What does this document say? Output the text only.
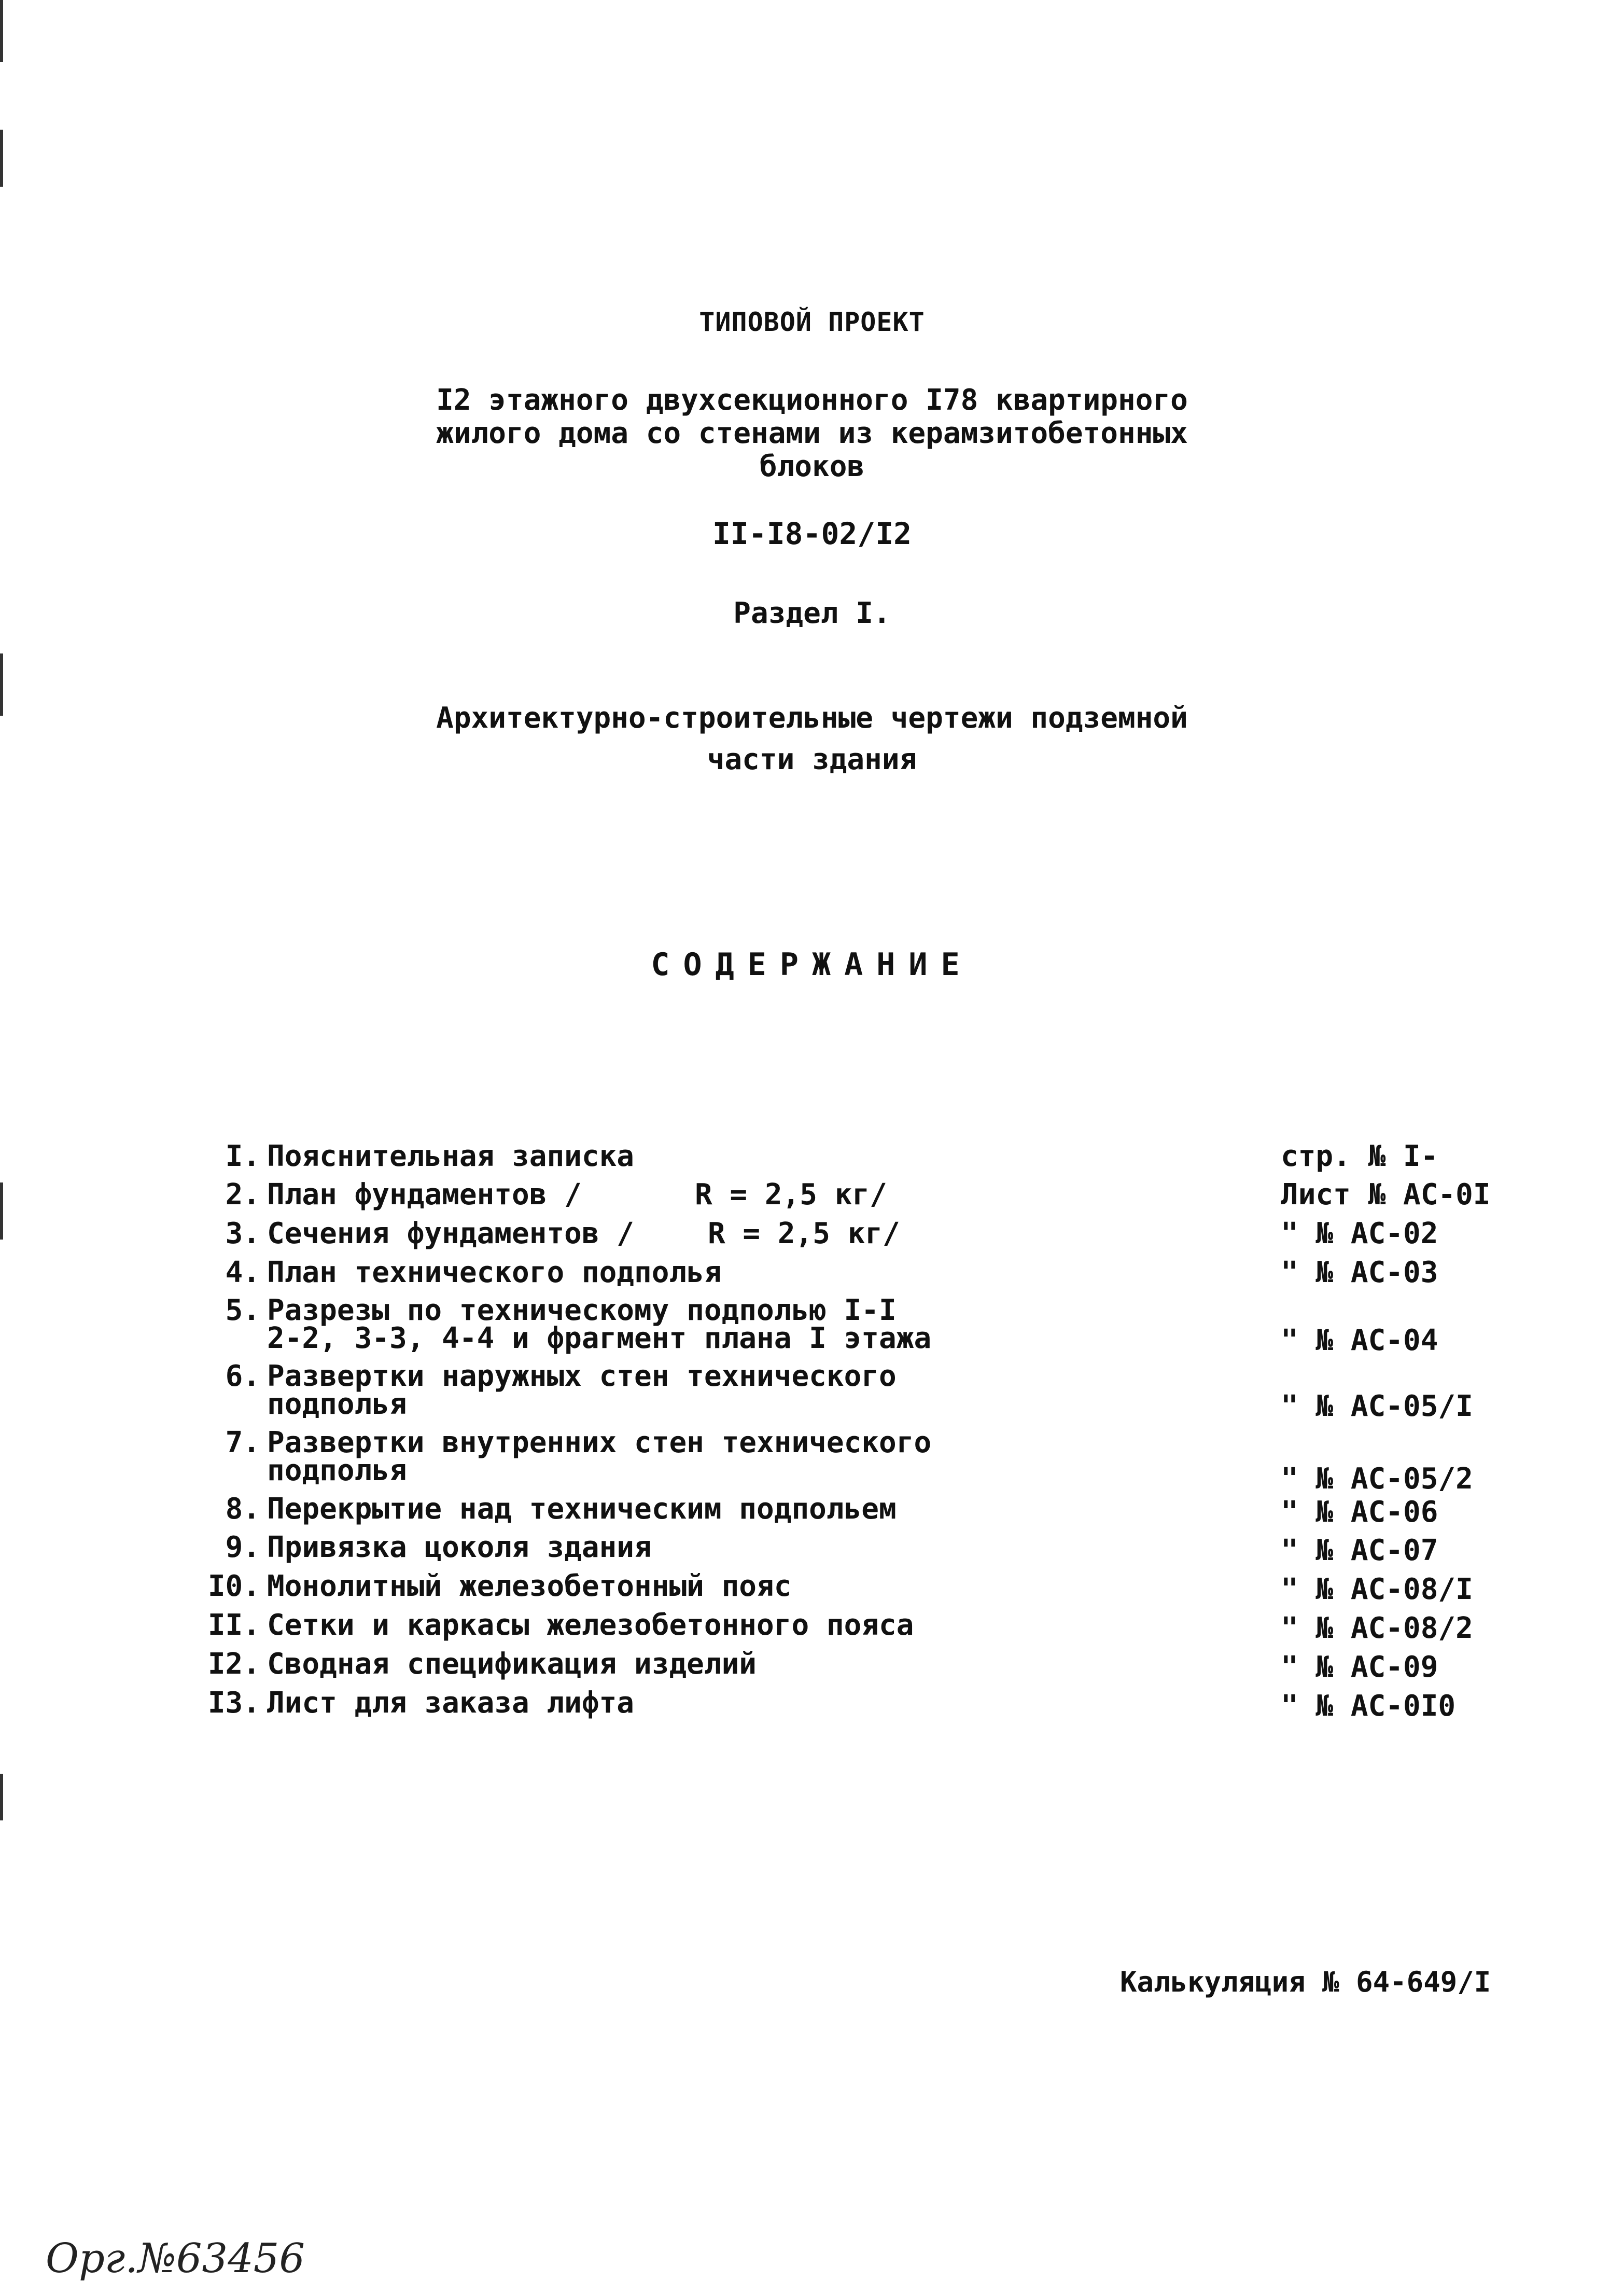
ТИПОВОЙ ПРОЕКТ
I2 этажного двухсекционного I78 квартирного
жилого дома со стенами из керамзитобетонных
блоков
II-I8-02/I2
Раздел I.
Архитектурно-строительные чертежи подземной
части здания
СОДЕРЖАНИЕ
I. Пояснительная записка	стр. № I-
2. План фундаментов /	R = 2,5 кг/	Лист № АС-0I
3. Сечения фундаментов /	R = 2,5 кг/	" № АС-02
4. План технического подполья	" № АС-03
5. Разрезы по техническому подполью I-I
2-2, 3-3, 4-4 и фрагмент плана I этажа	" № АС-04
6. Развертки наружных стен технического
подполья	" № АС-05/I
7. Развертки внутренних стен технического
подполья	" № АС-05/2
8. Перекрытие над техническим подпольем	" № АС-06
9. Привязка цоколя здания	" № АС-07
I0. Монолитный железобетонный пояс	" № АС-08/I
II. Сетки и каркасы железобетонного пояса	" № АС-08/2
I2. Сводная спецификация изделий	" № АС-09
I3. Лист для заказа лифта	" № АС-0I0
Калькуляция № 64-649/I
Орг.№63456
